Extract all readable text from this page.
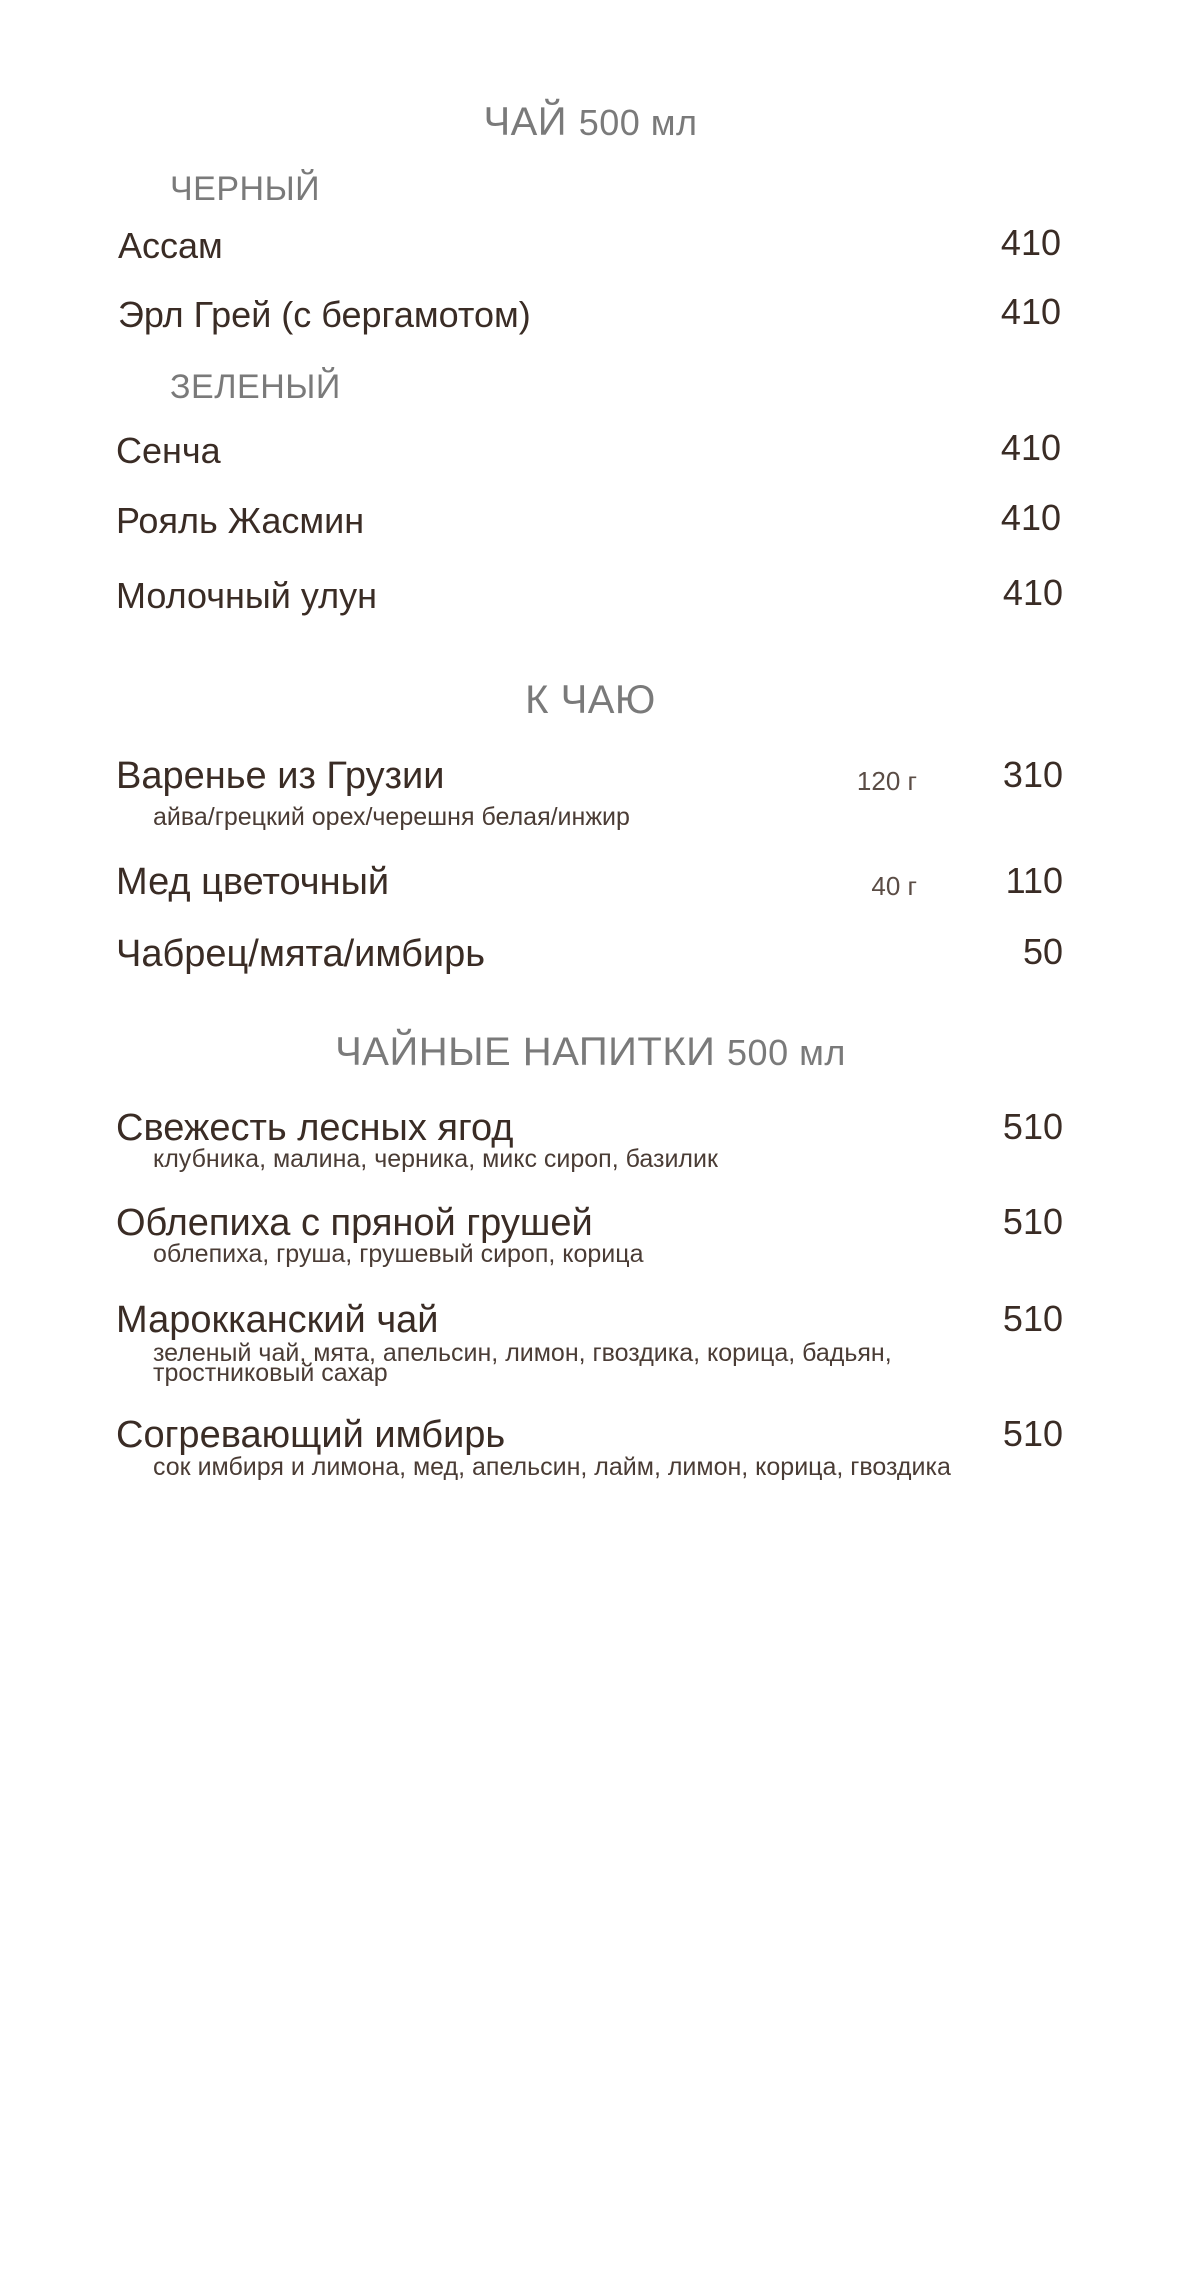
ЧАЙ 500 мл
ЧЕРНЫЙ
Ассам	410
Эрл Грей (с бергамотом)	410
ЗЕЛЕНЫЙ
Сенча	410
Рояль Жасмин	410
Молочный улун	410
К ЧАЮ
Варенье из Грузии	120 г 310
айва/грецкий орех/черешня белая/инжир
Мед цветочный	40 г 110
Чабрец/мята/имбирь	50
ЧАЙНЫЕ НАПИТКИ 500 мл
Свежесть лесных ягод	510
клубника, малина, черника, микс сироп, базилик
Облепиха с пряной грушей	510
облепиха, груша, грушевый сироп, корица
Марокканский чай	510
зеленый чай, мята, апельсин, лимон, гвоздика, корица, бадьян,
тростниковый сахар
Согревающий имбирь	510
сок имбиря и лимона, мед, апельсин, лайм, лимон, корица, гвоздика
